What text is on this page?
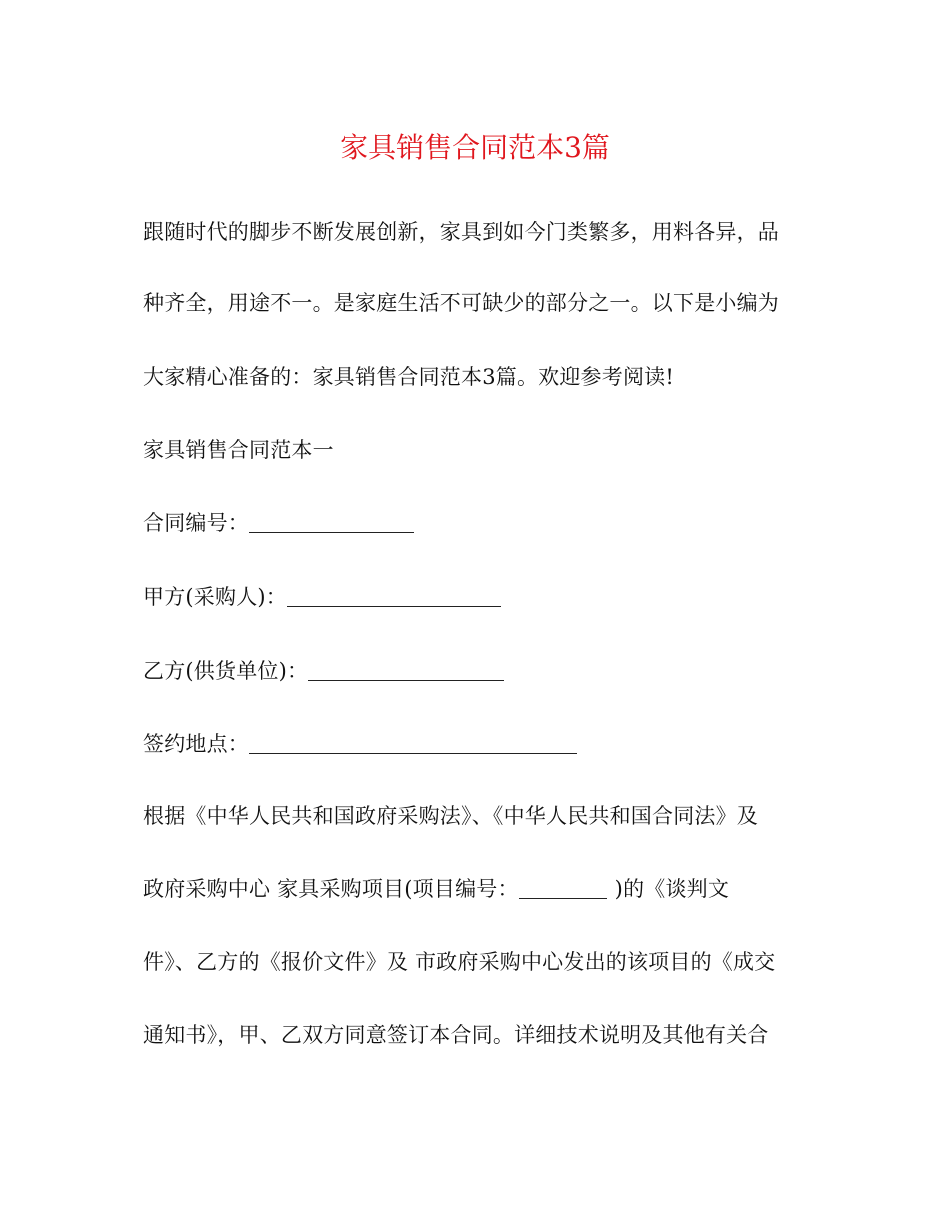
家具销售合同范本3篇
跟随时代的脚步不断发展创新，家具到如今门类繁多，用料各异，品
种齐全，用途不一。是家庭生活不可缺少的部分之一。以下是小编为
大家精心准备的：家具销售合同范本3篇。欢迎参考阅读!
家具销售合同范本一
合同编号：
甲方(采购人)：
乙方(供货单位)：
签约地点：
根据《中华人民共和国政府采购法》、《中华人民共和国合同法》及
政府采购中心 家具采购项目(项目编号：	)的《谈判文
件》、乙方的《报价文件》及 市政府采购中心发出的该项目的《成交
通知书》，甲、乙双方同意签订本合同。详细技术说明及其他有关合
